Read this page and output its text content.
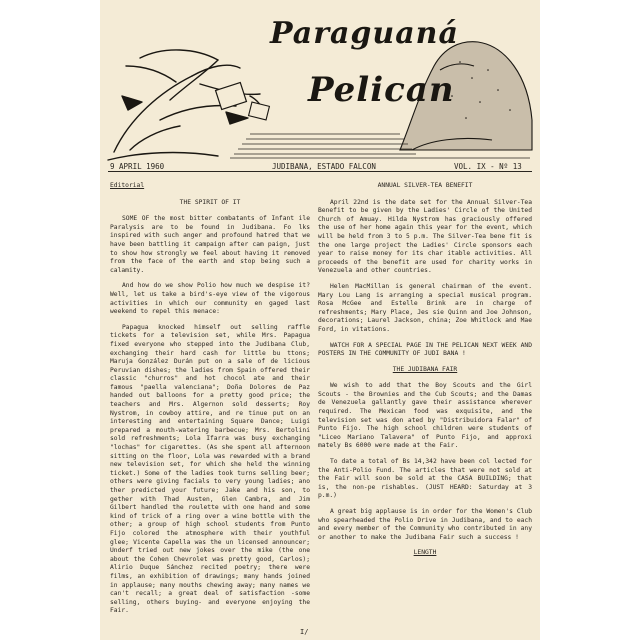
Paraguaná
Pelican
9 APRIL 1960	JUDIBANA, ESTADO FALCON	VOL. IX - Nº 13
Editorial
THE SPIRIT OF IT

SOME OF the most bitter combatants of Infant ile Paralysis are to be found in Judibana. Fo lks inspired with such anger and profound hatred that we have been battling it campaign after cam paign, just to show how strongly we feel about having it removed from the face of the earth and stop being such a calamity.

And how do we show Polio how much we despise it? Well, let us take a bird's-eye view of the vigorous activities in which our community en gaged last weekend to repel this menace:

Papagua knocked himself out selling raffle tickets for a television set, while Mrs. Papagua fixed everyone who stepped into the Judibana Club, exchanging their hard cash for little bu ttons; Maruja González Durán put on a sale of de licious Peruvian dishes; the ladies from Spain offered their classic "churros" and hot chocol ate and their famous "paella valenciana"; Doña Dolores de Paz handed out balloons for a pretty good price; the teachers and Mrs. Algernon sold desserts; Roy Nystrom, in cowboy attire, and re tinue put on an interesting and entertaining Square Dance; Luigi prepared a mouth-watering barbecue; Mrs. Bertolini sold refreshments; Lola Ifarra was busy exchanging "lochas" for cigarettes. (As she spent all afternoon sitting on the floor, Lola was rewarded with a brand new television set, for which she held the winning ticket.) Some of the ladies took turns selling beer; others were giving facials to very young ladies; ano ther predicted your future; Jake and his son, to gether with Thad Austen, Glen Cambra, and Jim Gilbert handled the roulette with one hand and some kind of trick of a ring over a wine bottle with the other; a group of high school students from Punto Fijo colored the atmosphere with their youthful glee; Vicente Capella was the un licensed announcer; Underf tried out new jokes over the mike (the one about the Cohen Chevrolet was pretty good, Carlos); Alirio Duque Sánchez recited poetry; there were films, an exhibition of drawings; many hands joined in applause; many mouths chewing away; many names we can't recall; a great deal of satisfaction -some selling, others buying- and everyone enjoying the Fair.

I/
ANNUAL SILVER-TEA BENEFIT

April 22nd is the date set for the Annual Silver-Tea Benefit to be given by the Ladies' Circle of the United Church of Amuay. Hilda Nystrom has graciously offered the use of her home again this year for the event, which will be held from 3 to 5 p.m. The Silver-Tea bene fit is the one large project the Ladies' Circle sponsors each year to raise money for its char itable activities. All proceeds of the benefit are used for charity works in Venezuela and other countries.

Helen MacMillan is general chairman of the event. Mary Lou Lang is arranging a special musical program. Rosa McGee and Estelle Brink are in charge of refreshments; Mary Place, Jes sie Quinn and Joe Johnson, decorations; Laurel Jackson, china; Zoe Whitlock and Mae Ford, in vitations.

WATCH FOR A SPECIAL PAGE IN THE PELICAN NEXT WEEK AND POSTERS IN THE COMMUNITY OF JUDI BANA !

THE JUDIBANA FAIR

We wish to add that the Boy Scouts and the Girl Scouts - the Brownies and the Cub Scouts; and the Damas de Venezuela gallantly gave their assistance wherever required. The Mexican food was exquisite, and the television set was don ated by "Distribuidora Falar" of Punto Fijo. The high school children were students of "Liceo Mariano Talavera" of Punto Fijo, and approxi mately Bs 6000 were made at the Fair.

To date a total of Bs 14,342 have been col lected for the Anti-Polio Fund. The articles that were not sold at the Fair will soon be sold at the CASA BUILDING; that is, the non-pe rishables. (JUST HEARD: Saturday at 3 p.m.)

A great big applause is in order for the Women's Club who spearheaded the Polio Drive in Judibana, and to each and every member of the Community who contributed in any or another to make the Judibana Fair such a success !

LENGTH
